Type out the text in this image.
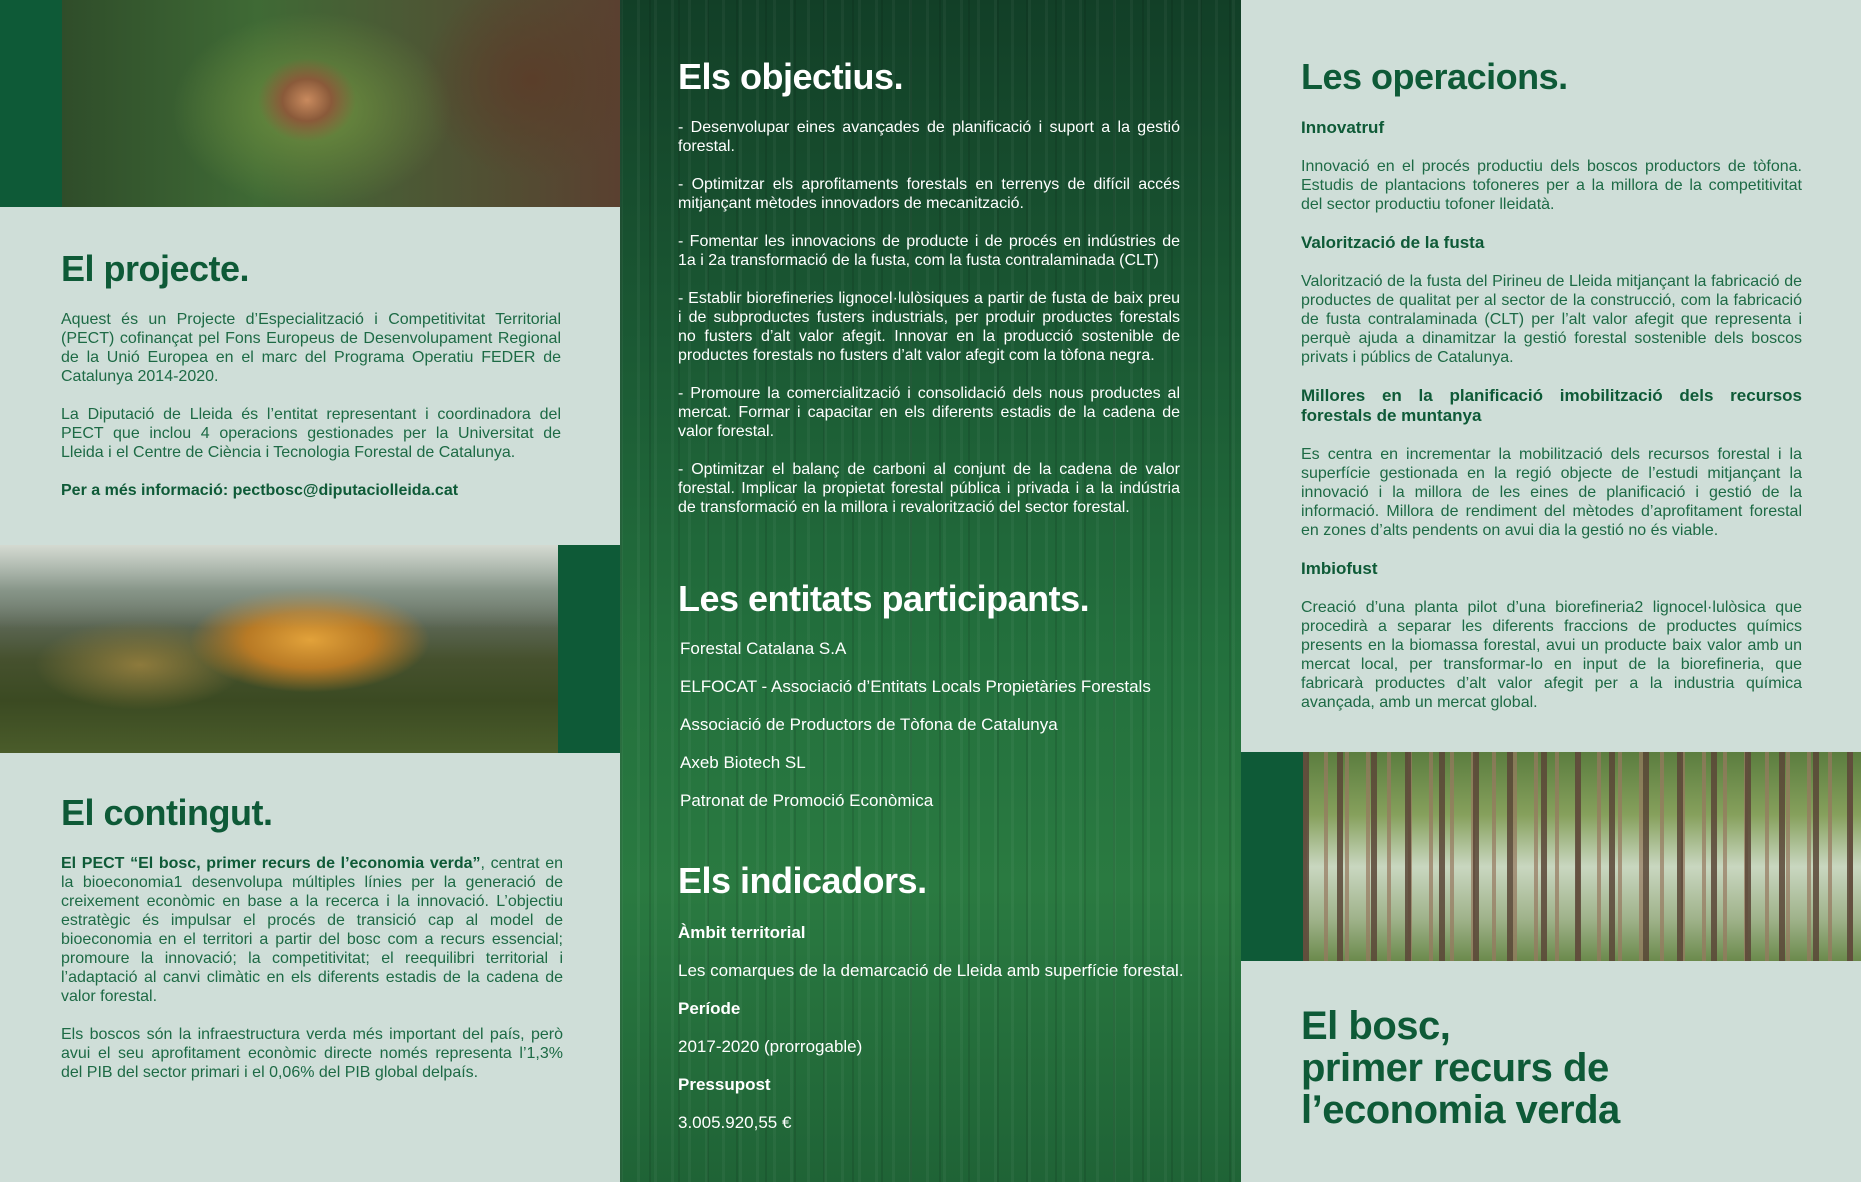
El projecte.

Aquest és un Projecte d’Especialització i Competitivitat Territorial (PECT) cofinançat pel Fons Europeus de Desenvolupament Regional de la Unió Europea en el marc del Programa Operatiu FEDER de Catalunya 2014-2020.

La Diputació de Lleida és l’entitat representant i coordinadora del PECT que inclou 4 operacions gestionades per la Universitat de Lleida i el Centre de Ciència i Tecnologia Forestal de Catalunya.

Per a més informació: pectbosc@diputaciolleida.cat

El contingut.

El PECT “El bosc, primer recurs de l’economia verda”, centrat en la bioeconomia1 desenvolupa múltiples línies per la generació de creixement econòmic en base a la recerca i la innovació. L’objectiu estratègic és impulsar el procés de transició cap al model de bioeconomia en el territori a partir del bosc com a recurs essencial; promoure la innovació; la competitivitat; el reequilibri territorial i l’adaptació al canvi climàtic en els diferents estadis de la cadena de valor forestal.

Els boscos són la infraestructura verda més important del país, però avui el seu aprofitament econòmic directe només representa l’1,3% del PIB del sector primari i el 0,06% del PIB global delpaís.

Els objectius.

- Desenvolupar eines avançades de planificació i suport a la gestió forestal.

- Optimitzar els aprofitaments forestals en terrenys de difícil accés mitjançant mètodes innovadors de mecanització.

- Fomentar les innovacions de producte i de procés en indústries de 1a i 2a transformació de la fusta, com la fusta contralaminada (CLT)

- Establir biorefineries lignocel·lulòsiques a partir de fusta de baix preu i de subproductes fusters industrials, per produir productes forestals no fusters d’alt valor afegit. Innovar en la producció sostenible de productes forestals no fusters d’alt valor afegit com la tòfona negra.

- Promoure la comercialització i consolidació dels nous productes al mercat. Formar i capacitar en els diferents estadis de la cadena de valor forestal.

- Optimitzar el balanç de carboni al conjunt de la cadena de valor forestal. Implicar la propietat forestal pública i privada i a la indústria de transformació en la millora i revalorització del sector forestal.

Les entitats participants.
Forestal Catalana S.A
ELFOCAT - Associació d’Entitats Locals Propietàries Forestals
Associació de Productors de Tòfona de Catalunya
Axeb Biotech SL
Patronat de Promoció Econòmica
Els indicadors.
Àmbit territorial
Les comarques de la demarcació de Lleida amb superfície forestal.
Període
2017-2020 (prorrogable)
Pressupost
3.005.920,55 €
Les operacions.
Innovatruf

Innovació en el procés productiu dels boscos productors de tòfona. Estudis de plantacions tofoneres per a la millora de la competitivitat del sector productiu tofoner lleidatà.

Valorització de la fusta

Valorització de la fusta del Pirineu de Lleida mitjançant la fabricació de productes de qualitat per al sector de la construcció, com la fabricació de fusta contralaminada (CLT) per l’alt valor afegit que representa i perquè ajuda a dinamitzar la gestió forestal sostenible dels boscos privats i públics de Catalunya.

Millores en la planificació imobilització dels recursos forestals de muntanya

Es centra en incrementar la mobilització dels recursos forestal i la superfície gestionada en la regió objecte de l’estudi mitjançant la innovació i la millora de les eines de planificació i gestió de la informació. Millora de rendiment del mètodes d’aprofitament forestal en zones d’alts pendents on avui dia la gestió no és viable.

Imbiofust

Creació d’una planta pilot d’una biorefineria2 lignocel·lulòsica que procedirà a separar les diferents fraccions de productes químics presents en la biomassa forestal, avui un producte baix valor amb un mercat local, per transformar-lo en input de la biorefineria, que fabricarà productes d’alt valor afegit per a la industria química avançada, amb un mercat global.

El bosc,
primer recurs de
l’economia verda
